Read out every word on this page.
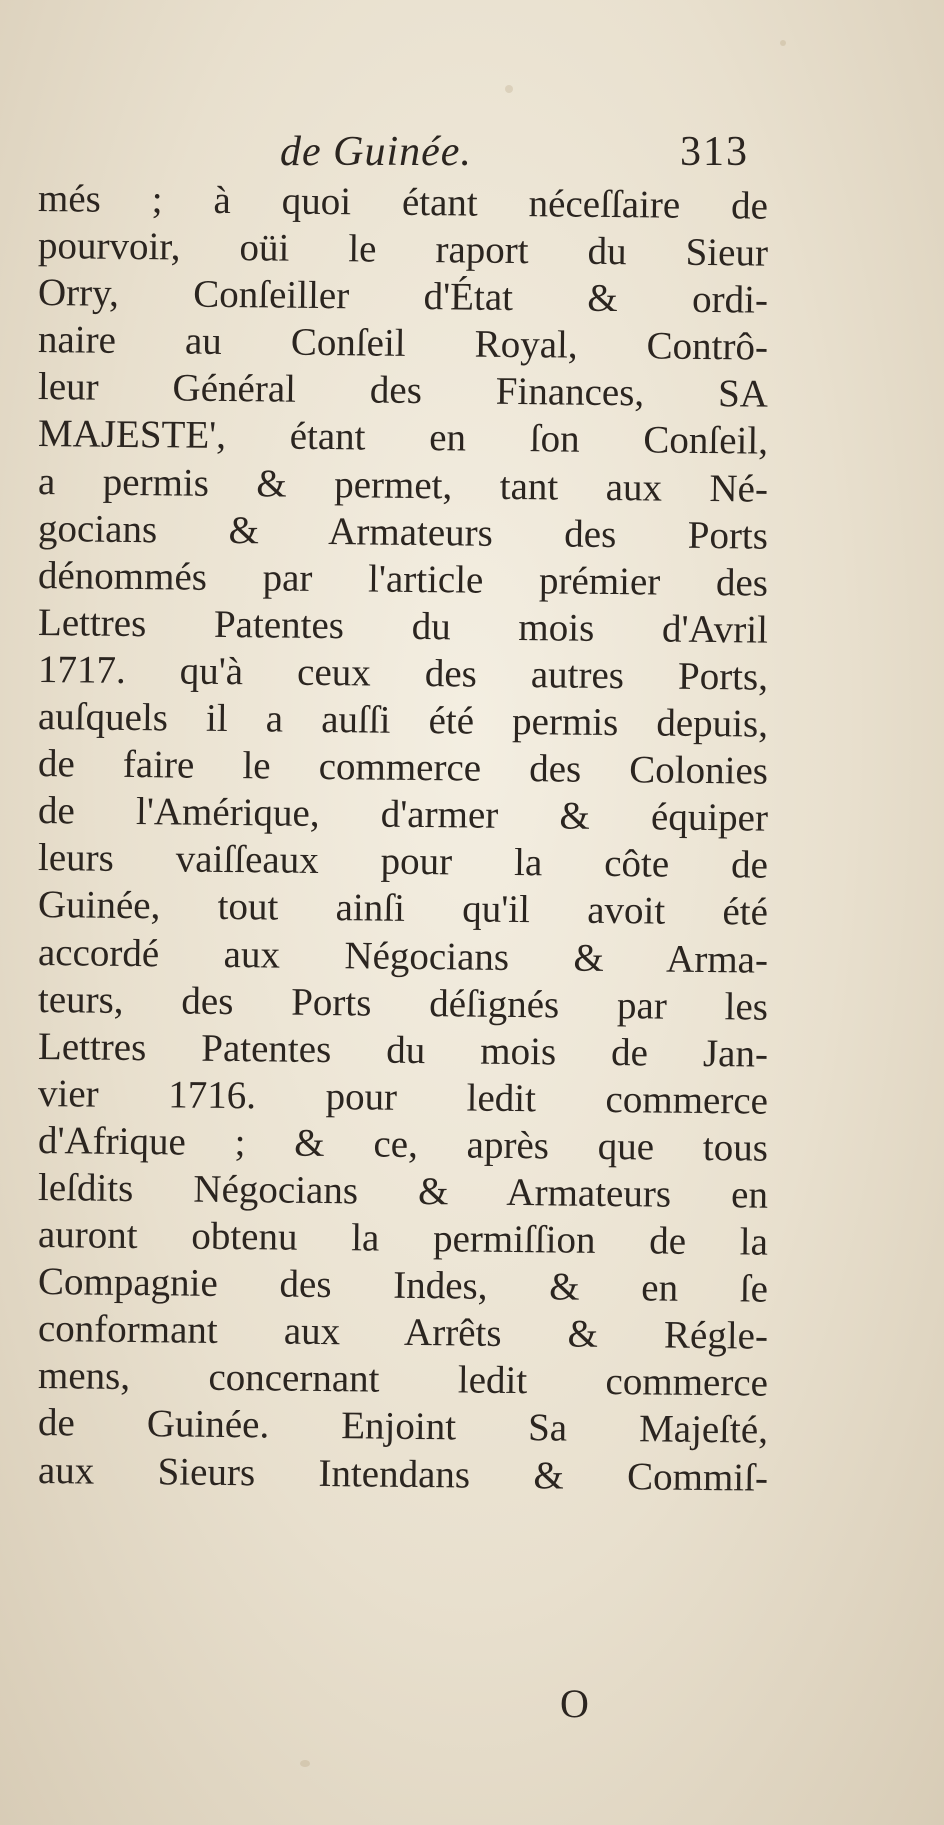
de Guinée.	313
més ; à quoi étant néceſſaire de
pourvoir, oüi le raport du Sieur
Orry, Conſeiller d'État & ordi-
naire au Conſeil Royal, Contrô-
leur Général des Finances, SA
MAJESTE', étant en ſon Conſeil,
a permis & permet, tant aux Né-
gocians & Armateurs des Ports
dénommés par l'article prémier des
Lettres Patentes du mois d'Avril
1717. qu'à ceux des autres Ports,
auſquels il a auſſi été permis depuis,
de faire le commerce des Colonies
de l'Amérique, d'armer & équiper
leurs vaiſſeaux pour la côte de
Guinée, tout ainſi qu'il avoit été
accordé aux Négocians & Arma-
teurs, des Ports déſignés par les
Lettres Patentes du mois de Jan-
vier 1716. pour ledit commerce
d'Afrique ; & ce, après que tous
leſdits Négocians & Armateurs en
auront obtenu la permiſſion de la
Compagnie des Indes, & en ſe
conformant aux Arrêts & Régle-
mens, concernant ledit commerce
de Guinée. Enjoint Sa Majeſté,
aux Sieurs Intendans & Commiſ-
O
